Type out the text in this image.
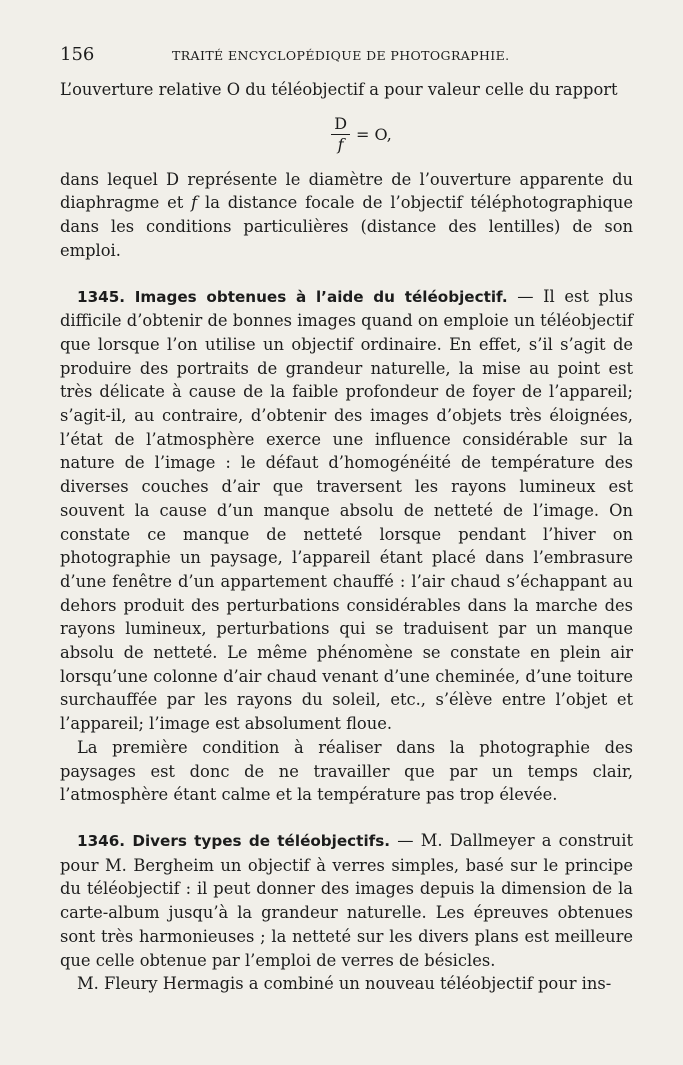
156	TRAITÉ ENCYCLOPÉDIQUE DE PHOTOGRAPHIE.

L’ouverture relative O du téléobjectif a pour valeur celle du rapport

$\frac{D}{f} = O$,

dans lequel D représente le diamètre de l’ouverture apparente du diaphragme et f la distance focale de l’objectif téléphotographique dans les conditions particulières (distance des lentilles) de son emploi.

1345. Images obtenues à l’aide du téléobjectif. — Il est plus difficile d’obtenir de bonnes images quand on emploie un téléobjectif que lorsque l’on utilise un objectif ordinaire. En effet, s’il s’agit de produire des portraits de grandeur naturelle, la mise au point est très délicate à cause de la faible profondeur de foyer de l’appareil; s’agit-il, au contraire, d’obtenir des images d’objets très éloignées, l’état de l’atmosphère exerce une influence considérable sur la nature de l’image : le défaut d’homogénéité de température des diverses couches d’air que traversent les rayons lumineux est souvent la cause d’un manque absolu de netteté de l’image. On constate ce manque de netteté lorsque pendant l’hiver on photographie un paysage, l’appareil étant placé dans l’embrasure d’une fenêtre d’un appartement chauffé : l’air chaud s’échappant au dehors produit des perturbations considérables dans la marche des rayons lumineux, perturbations qui se traduisent par un manque absolu de netteté. Le même phénomène se constate en plein air lorsqu’une colonne d’air chaud venant d’une cheminée, d’une toiture surchauffée par les rayons du soleil, etc., s’élève entre l’objet et l’appareil; l’image est absolument floue.

La première condition à réaliser dans la photographie des paysages est donc de ne travailler que par un temps clair, l’atmosphère étant calme et la température pas trop élevée.

1346. Divers types de téléobjectifs. — M. Dallmeyer a construit pour M. Bergheim un objectif à verres simples, basé sur le principe du téléobjectif : il peut donner des images depuis la dimension de la carte-album jusqu’à la grandeur naturelle. Les épreuves obtenues sont très harmonieuses ; la netteté sur les divers plans est meilleure que celle obtenue par l’emploi de verres de bésicles.

M. Fleury Hermagis a combiné un nouveau téléobjectif pour ins-
